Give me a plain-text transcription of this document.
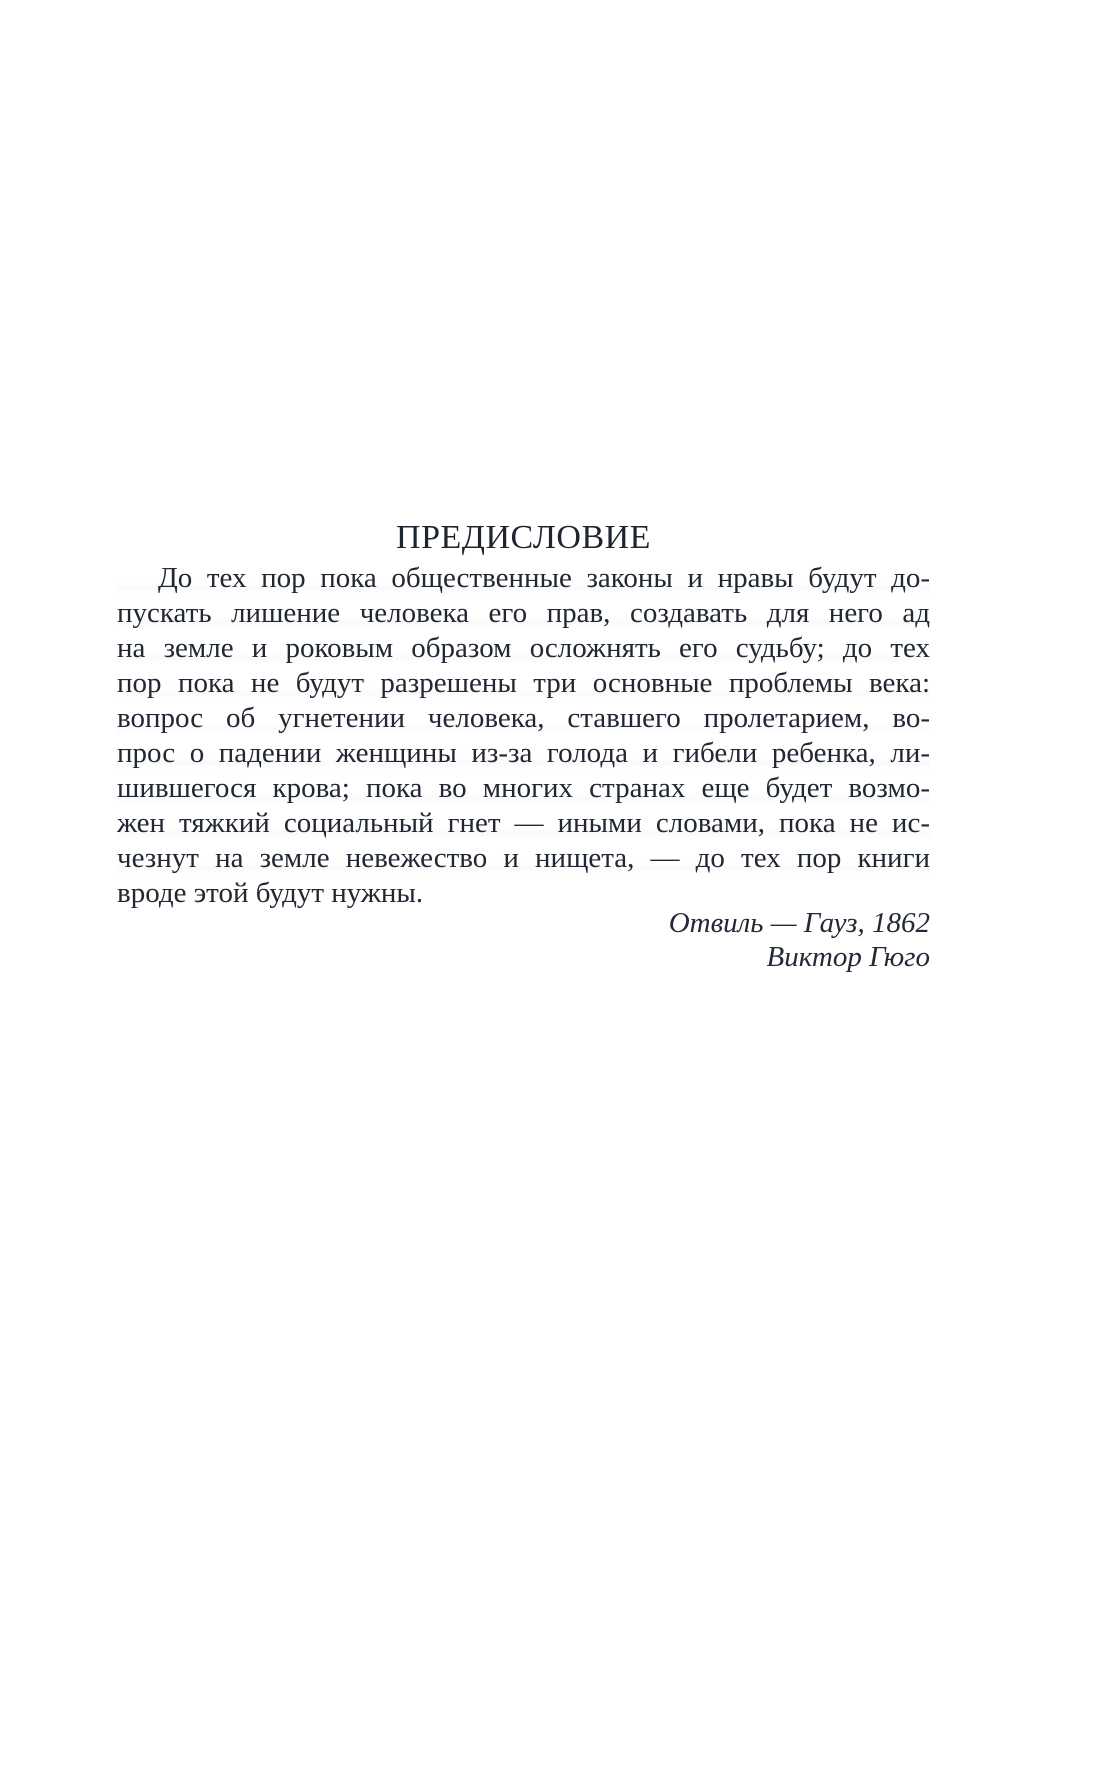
ПРЕДИСЛОВИЕ
До тех пор пока общественные законы и нравы будут до-
пускать лишение человека его прав, создавать для него ад
на земле и роковым образом осложнять его судьбу; до тех
пор пока не будут разрешены три основные проблемы века:
вопрос об угнетении человека, ставшего пролетарием, во-
прос о падении женщины из-за голода и гибели ребенка, ли-
шившегося крова; пока во многих странах еще будет возмо-
жен тяжкий социальный гнет — иными словами, пока не ис-
чезнут на земле невежество и нищета, — до тех пор книги
вроде этой будут нужны.
Отвиль — Гауз, 1862
Виктор Гюго
